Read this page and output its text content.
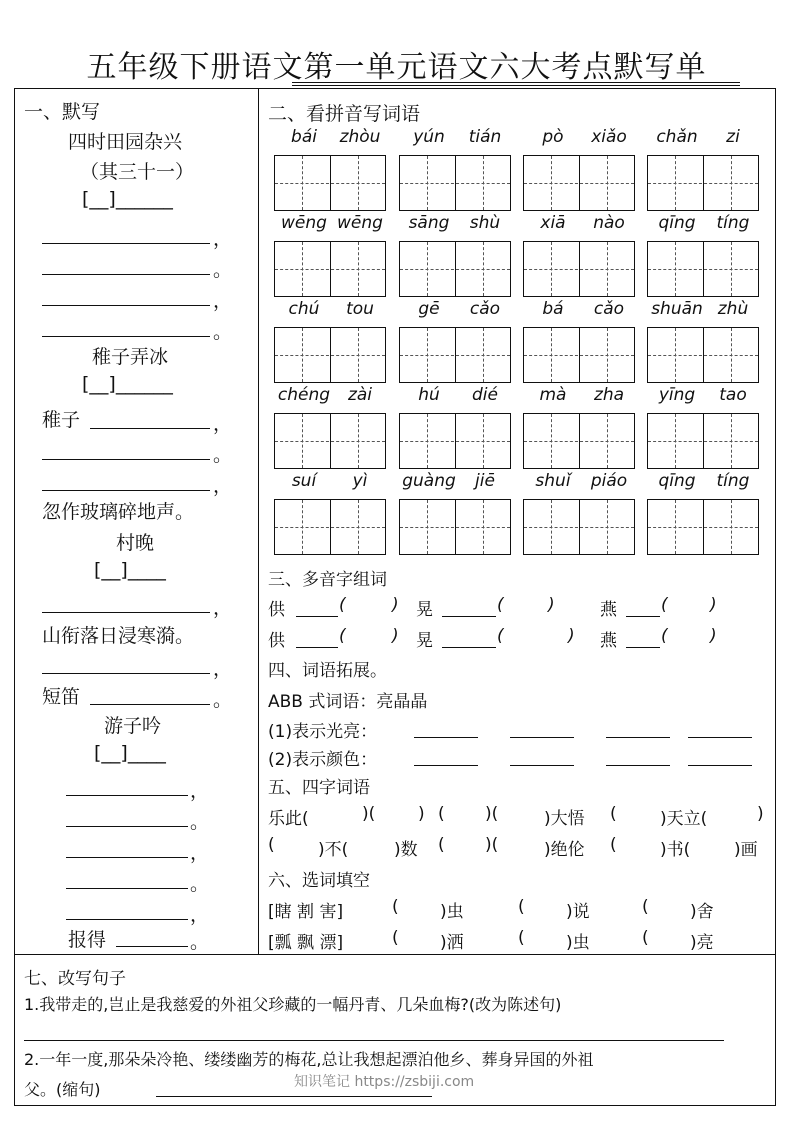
五年级下册语文第一单元语文六大考点默写单
一、默写
四时田园杂兴
（其三十一）
[__]______
，
。
，
。
稚子弄冰
[__]______
稚子	，
。
，
忽作玻璃碎地声。
村晚
[__]____
，
山衔落日浸寒漪。
，
短笛	。
游子吟
[__]____
，
。
，
。
，
报得	。
二、看拼音写词语
bái	zhòu	yún	tián	pò	xiǎo	chǎn	zi
wēng wēng	sāng	shù	xiā	nào	qīng	tíng
chú	tou	gē	cǎo	bá	cǎo	shuān zhù
chéng	zài	hú	dié	mà	zha	yīng	tao
suí	yì	guàng	jiē	shuǐ	piáo	qīng	tíng
三、多音字组词
供	(	) 晃	(	)	燕	( )
供	(	) 晃	(	) 燕	( )
四、词语拓展。
ABB 式词语：亮晶晶
(1)表示光亮：
(2)表示颜色：
五、四字词语
乐此(	)(	) ( )(	)大悟 (	)天立(	)
(	)不(	)数 ( )(	)绝伦 (	)书(	)画
六、选词填空
[瞎 割 害]	( )虫	( )说	( )舍
[瓢 飘 漂]	( )洒	( )虫	( )亮
七、改写句子
1.我带走的,岂止是我慈爱的外祖父珍藏的一幅丹青、几朵血梅?(改为陈述句)
2.一年一度,那朵朵冷艳、缕缕幽芳的梅花,总让我想起漂泊他乡、葬身异国的外祖
父。(缩句)	知识笔记 https://zsbiji.com
